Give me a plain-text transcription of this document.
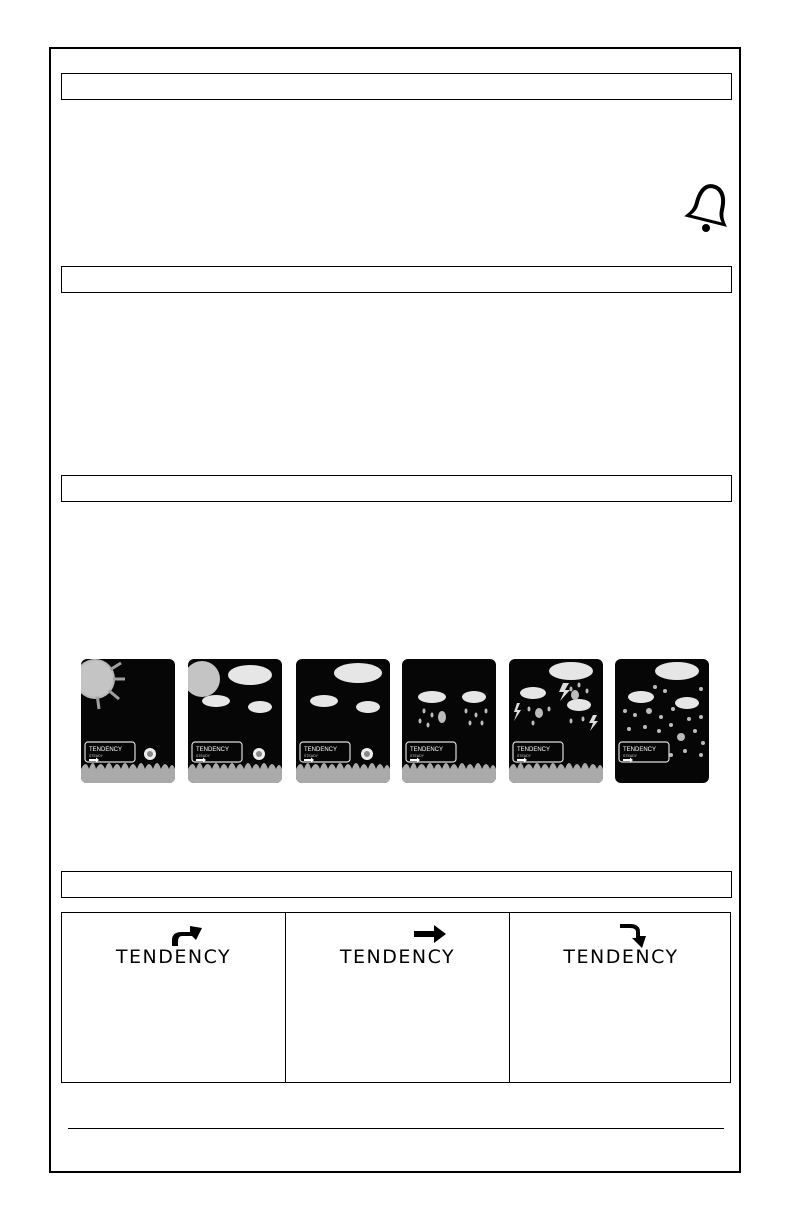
TENDENCY
STEADY
TENDENCY
STEADY
TENDENCY
STEADY
TENDENCY
STEADY
TENDENCY
STEADY
TENDENCY
STEADY
TENDENCY	TENDENCY	TENDENCY
